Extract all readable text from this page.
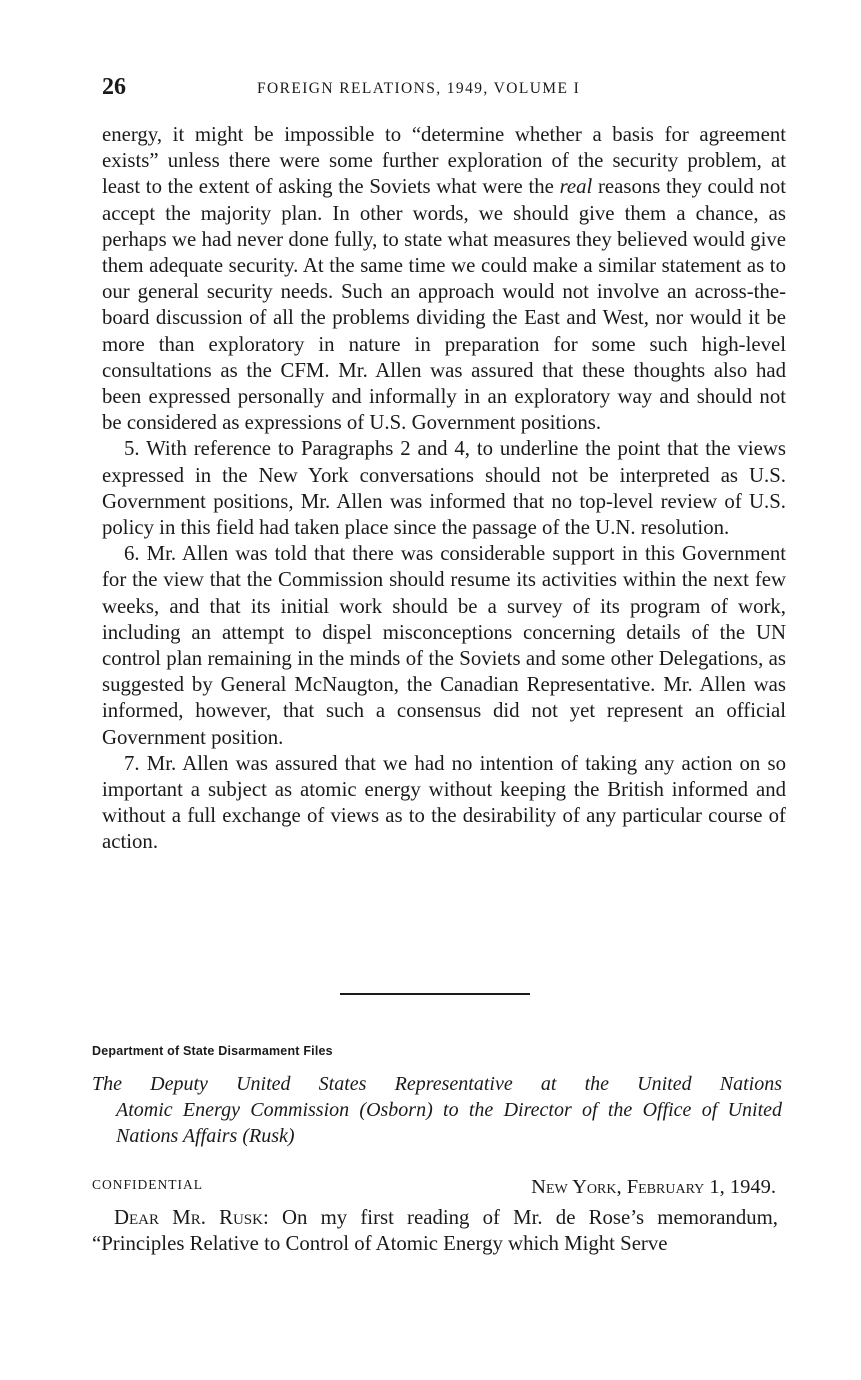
26	FOREIGN RELATIONS, 1949, VOLUME I

energy, it might be impossible to “determine whether a basis for agreement exists” unless there were some further exploration of the security problem, at least to the extent of asking the Soviets what were the real reasons they could not accept the majority plan. In other words, we should give them a chance, as perhaps we had never done fully, to state what measures they believed would give them adequate security. At the same time we could make a similar statement as to our general security needs. Such an approach would not involve an across-the-board discussion of all the problems dividing the East and West, nor would it be more than exploratory in nature in preparation for some such high-level consultations as the CFM. Mr. Allen was assured that these thoughts also had been expressed personally and informally in an exploratory way and should not be considered as expressions of U.S. Government positions.

5. With reference to Paragraphs 2 and 4, to underline the point that the views expressed in the New York conversations should not be interpreted as U.S. Government positions, Mr. Allen was informed that no top-level review of U.S. policy in this field had taken place since the passage of the U.N. resolution.

6. Mr. Allen was told that there was considerable support in this Government for the view that the Commission should resume its activities within the next few weeks, and that its initial work should be a survey of its program of work, including an attempt to dispel misconceptions concerning details of the UN control plan remaining in the minds of the Soviets and some other Delegations, as suggested by General McNaugton, the Canadian Representative. Mr. Allen was informed, however, that such a consensus did not yet represent an official Government position.

7. Mr. Allen was assured that we had no intention of taking any action on so important a subject as atomic energy without keeping the British informed and without a full exchange of views as to the desirability of any particular course of action.

Department of State Disarmament Files
The Deputy United States Representative at the United Nations
Atomic Energy Commission (Osborn) to the Director of the Office of United Nations Affairs (Rusk)
CONFIDENTIAL	New York, February 1, 1949.

Dear Mr. Rusk: On my first reading of Mr. de Rose’s memorandum, “Principles Relative to Control of Atomic Energy which Might Serve
